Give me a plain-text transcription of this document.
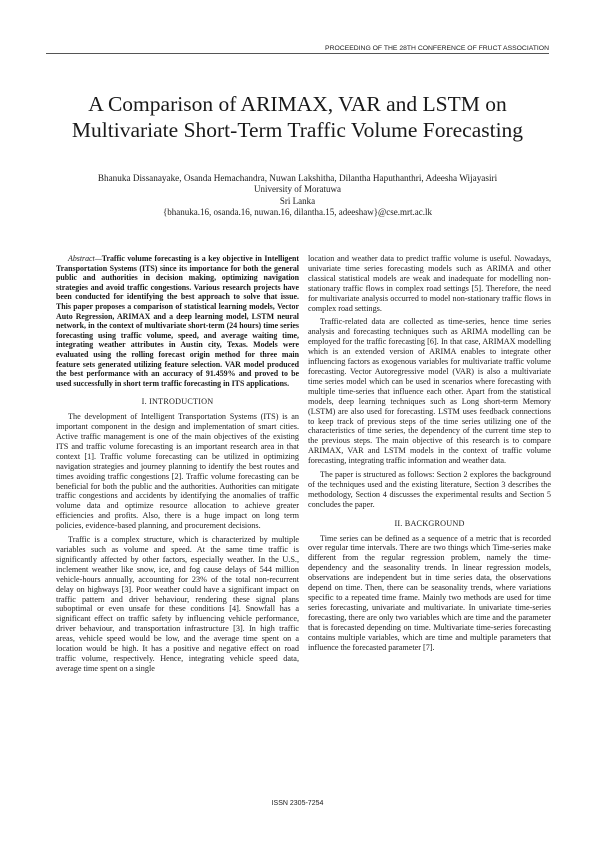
PROCEEDING OF THE 28TH CONFERENCE OF FRUCT ASSOCIATION
A Comparison of ARIMAX, VAR and LSTM on
Multivariate Short-Term Traffic Volume Forecasting
Bhanuka Dissanayake, Osanda Hemachandra, Nuwan Lakshitha, Dilantha Haputhanthri, Adeesha Wijayasiri
University of Moratuwa
Sri Lanka
{bhanuka.16, osanda.16, nuwan.16, dilantha.15, adeeshaw}@cse.mrt.ac.lk

Abstract—Traffic volume forecasting is a key objective in Intelligent Transportation Systems (ITS) since its importance for both the general public and authorities in decision making, optimizing navigation strategies and avoid traffic congestions. Various research projects have been conducted for identifying the best approach to solve that issue. This paper proposes a comparison of statistical learning models, Vector Auto Regression, ARIMAX and a deep learning model, LSTM neural network, in the context of multivariate short-term (24 hours) time series forecasting using traffic volume, speed, and average waiting time, integrating weather attributes in Austin city, Texas. Models were evaluated using the rolling forecast origin method for three main feature sets generated utilizing feature selection. VAR model produced the best performance with an accuracy of 91.459% and proved to be used successfully in short term traffic forecasting in ITS applications.

I. INTRODUCTION

The development of Intelligent Transportation Systems (ITS) is an important component in the design and implementation of smart cities. Active traffic management is one of the main objectives of the existing ITS and traffic volume forecasting is an important research area in that context [1]. Traffic volume forecasting can be utilized in optimizing navigation strategies and journey planning to identify the best routes and times avoiding traffic congestions [2]. Traffic volume forecasting can be beneficial for both the public and the authorities. Authorities can mitigate traffic congestions and accidents by identifying the anomalies of traffic volume data and optimize resource allocation to achieve greater efficiencies and profits. Also, there is a huge impact on long term policies, evidence-based planning, and procurement decisions.

Traffic is a complex structure, which is characterized by multiple variables such as volume and speed. At the same time traffic is significantly affected by other factors, especially weather. In the U.S., inclement weather like snow, ice, and fog cause delays of 544 million vehicle-hours annually, accounting for 23% of the total non-recurrent delay on highways [3]. Poor weather could have a significant impact on traffic pattern and driver behaviour, rendering these signal plans suboptimal or even unsafe for these conditions [4]. Snowfall has a significant effect on traffic safety by influencing vehicle performance, driver behaviour, and transportation infrastructure [3]. In high traffic areas, vehicle speed would be low, and the average time spent on a location would be high. It has a positive and negative effect on road traffic volume, respectively. Hence, integrating vehicle speed data, average time spent on a single

location and weather data to predict traffic volume is useful. Nowadays, univariate time series forecasting models such as ARIMA and other classical statistical models are weak and inadequate for modelling non-stationary traffic flows in complex road settings [5]. Therefore, the need for multivariate analysis occurred to model non-stationary traffic flows in complex road settings.

Traffic-related data are collected as time-series, hence time series analysis and forecasting techniques such as ARIMA modelling can be employed for the traffic forecasting [6]. In that case, ARIMAX modelling which is an extended version of ARIMA enables to integrate other influencing factors as exogenous variables for multivariate traffic volume forecasting. Vector Autoregressive model (VAR) is also a multivariate time series model which can be used in scenarios where forecasting with multiple time-series that influence each other. Apart from the statistical models, deep learning techniques such as Long short-term Memory (LSTM) are also used for forecasting. LSTM uses feedback connections to keep track of previous steps of the time series utilizing one of the characteristics of time series, the dependency of the current time step to the previous steps. The main objective of this research is to compare ARIMAX, VAR and LSTM models in the context of traffic volume forecasting, integrating traffic information and weather data.

The paper is structured as follows: Section 2 explores the background of the techniques used and the existing literature, Section 3 describes the methodology, Section 4 discusses the experimental results and Section 5 concludes the paper.

II. BACKGROUND

Time series can be defined as a sequence of a metric that is recorded over regular time intervals. There are two things which Time-series make different from the regular regression problem, namely the time-dependency and the seasonality trends. In linear regression models, observations are independent but in time series data, the observations depend on time. Then, there can be seasonality trends, where variations specific to a repeated time frame. Mainly two methods are used for time series forecasting, univariate and multivariate. In univariate time-series forecasting, there are only two variables which are time and the parameter that is forecasted depending on time. Multivariate time-series forecasting contains multiple variables, which are time and multiple parameters that influence the forecasted parameter [7].

ISSN 2305-7254
